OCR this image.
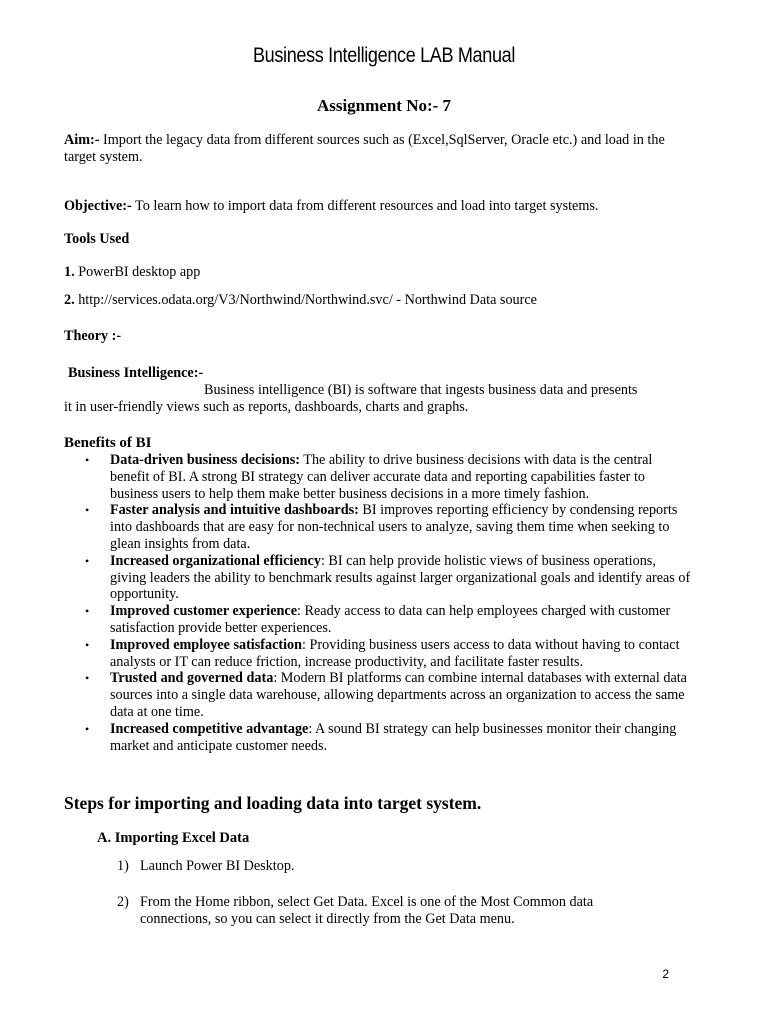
Business Intelligence LAB Manual
Assignment No:- 7
Aim:- Import the legacy data from different sources such as (Excel,SqlServer, Oracle etc.) and load in the target system.
Objective:- To learn how to import data from different resources and load into target systems.
Tools Used
1. PowerBI desktop app
2. http://services.odata.org/V3/Northwind/Northwind.svc/ - Northwind Data source
Theory :-
Business Intelligence:-
Business intelligence (BI) is software that ingests business data and presents
it in user-friendly views such as reports, dashboards, charts and graphs.
Benefits of BI
• Data-driven business decisions: The ability to drive business decisions with data is the central benefit of BI. A strong BI strategy can deliver accurate data and reporting capabilities faster to business users to help them make better business decisions in a more timely fashion.
• Faster analysis and intuitive dashboards: BI improves reporting efficiency by condensing reports into dashboards that are easy for non-technical users to analyze, saving them time when seeking to glean insights from data.
• Increased organizational efficiency: BI can help provide holistic views of business operations, giving leaders the ability to benchmark results against larger organizational goals and identify areas of opportunity.
• Improved customer experience: Ready access to data can help employees charged with customer satisfaction provide better experiences.
• Improved employee satisfaction: Providing business users access to data without having to contact analysts or IT can reduce friction, increase productivity, and facilitate faster results.
• Trusted and governed data: Modern BI platforms can combine internal databases with external data sources into a single data warehouse, allowing departments across an organization to access the same data at one time.
• Increased competitive advantage: A sound BI strategy can help businesses monitor their changing market and anticipate customer needs.
Steps for importing and loading data into target system.
A. Importing Excel Data
1) Launch Power BI Desktop.
2) From the Home ribbon, select Get Data. Excel is one of the Most Common data connections, so you can select it directly from the Get Data menu.
2
